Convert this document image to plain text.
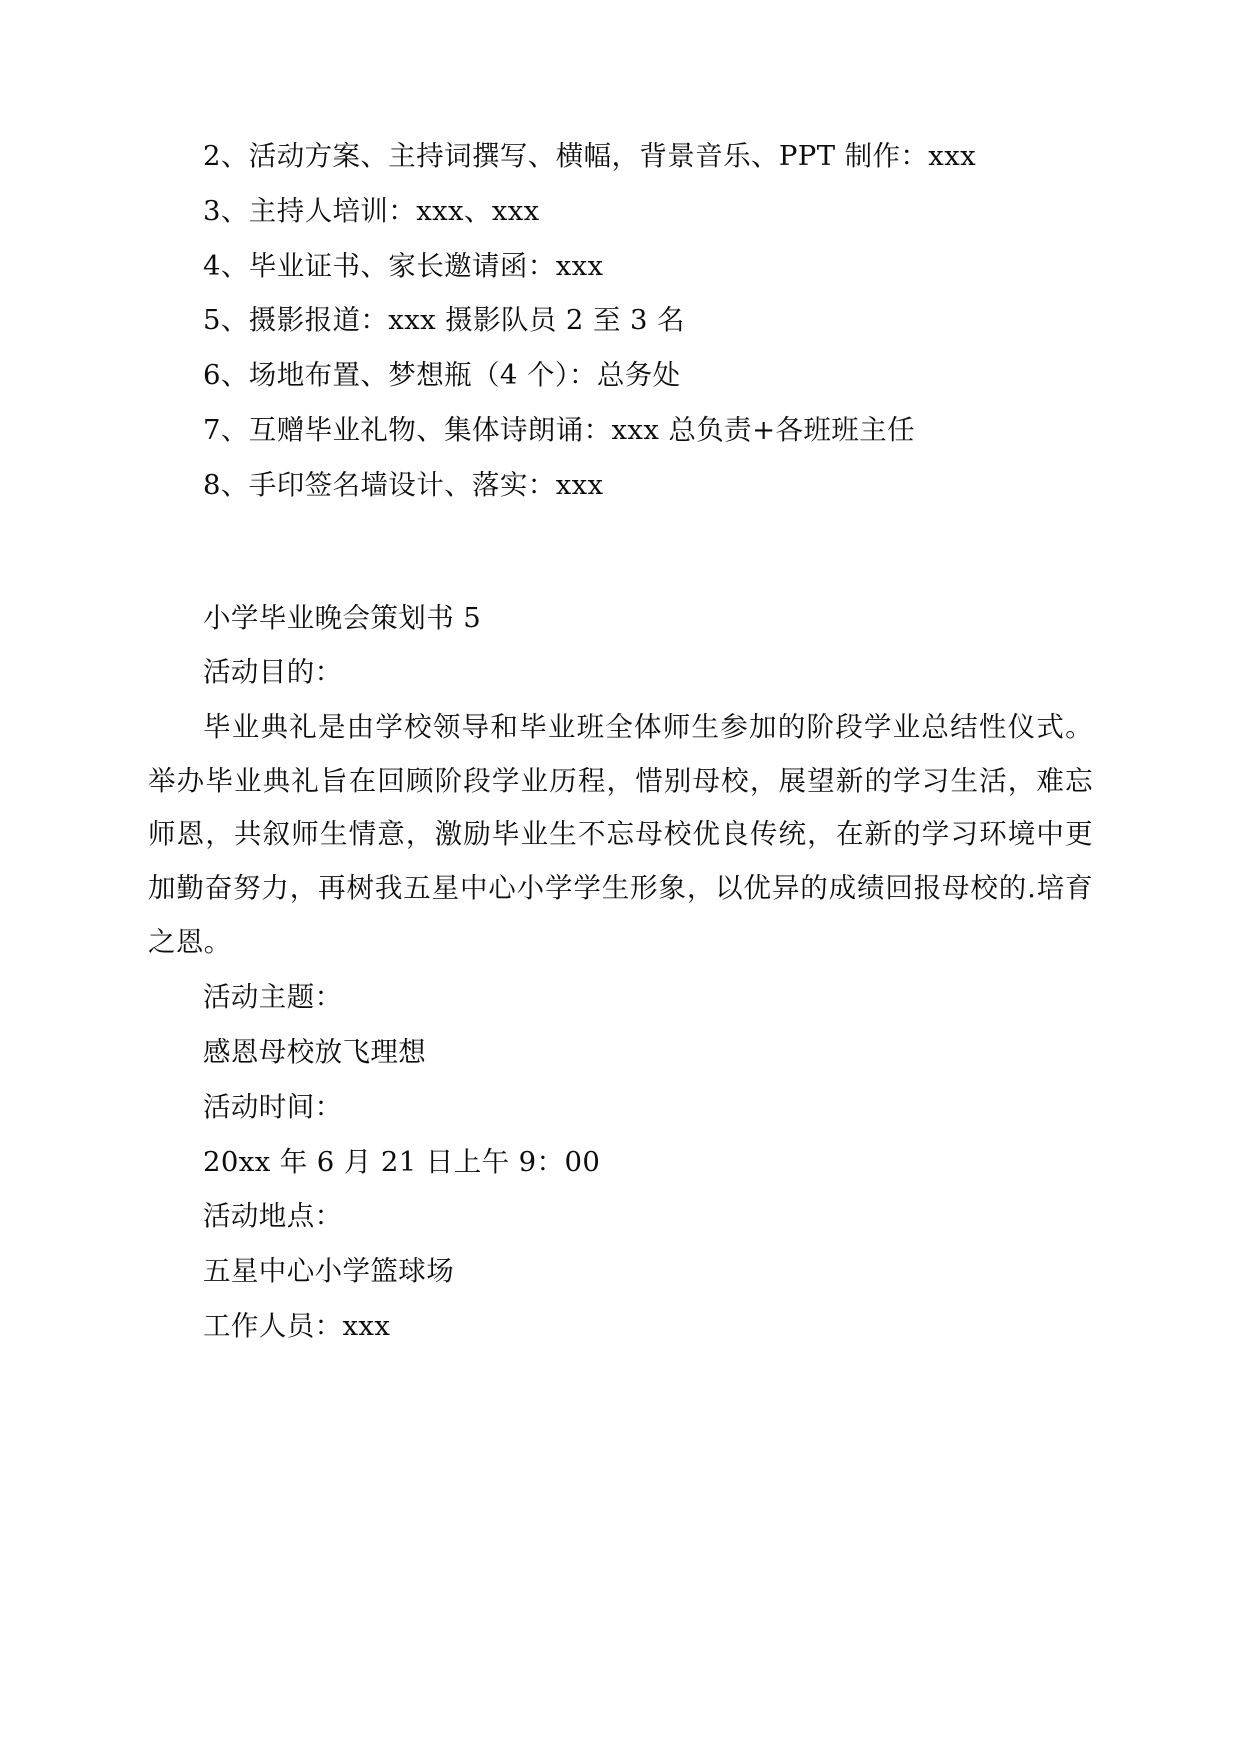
2、活动方案、主持词撰写、横幅，背景音乐、PPT 制作：xxx

3、主持人培训：xxx、xxx

4、毕业证书、家长邀请函：xxx

5、摄影报道：xxx 摄影队员 2 至 3 名

6、场地布置、梦想瓶（4 个）：总务处

7、互赠毕业礼物、集体诗朗诵：xxx 总负责+各班班主任

8、手印签名墙设计、落实：xxx

小学毕业晚会策划书 5

活动目的：

毕业典礼是由学校领导和毕业班全体师生参加的阶段学业总结性仪式。举办毕业典礼旨在回顾阶段学业历程，惜别母校，展望新的学习生活，难忘师恩，共叙师生情意，激励毕业生不忘母校优良传统，在新的学习环境中更加勤奋努力，再树我五星中心小学学生形象，以优异的成绩回报母校的.培育之恩。

活动主题：

感恩母校放飞理想

活动时间：

20xx 年 6 月 21 日上午 9：00

活动地点：

五星中心小学篮球场

工作人员：xxx
